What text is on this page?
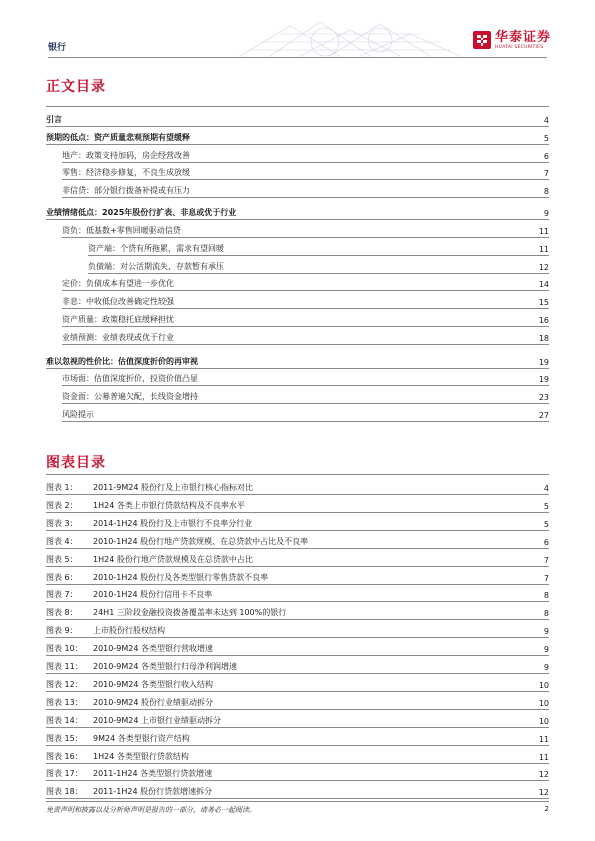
银行
华泰证券
HUATAI SECURITIES
正文目录
引言	4
预期的低点：资产质量悲观预期有望缓释	5
地产：政策支持加码，房企经营改善	6
零售：经济稳步修复，不良生成放缓	7
非信贷：部分银行拨备补提或有压力	8
业绩情绪低点：2025年股份行扩表、非息或优于行业	9
资负：低基数+零售回暖驱动信贷	11
资产端：个贷有所拖累，需求有望回暖	11
负债端：对公活期流失，存款暂有承压	12
定价：负债成本有望进一步优化	14
非息：中收低位改善确定性较强	15
资产质量：政策稳托底缓释担忧	16
业绩预测：业绩表现或优于行业	18
难以忽视的性价比：估值深度折价的再审视	19
市场面：估值深度折价，投资价值凸显	19
资金面：公募普遍欠配，长线资金增持	23
风险提示	27
图表目录
图表 1：	2011-9M24 股份行及上市银行核心指标对比	4
图表 2：	1H24 各类上市银行贷款结构及不良率水平	5
图表 3：	2014-1H24 股份行及上市银行不良率分行业	5
图表 4：	2010-1H24 股份行地产贷款规模、在总贷款中占比及不良率	6
图表 5：	1H24 股份行地产贷款规模及在总贷款中占比	7
图表 6：	2010-1H24 股份行及各类型银行零售贷款不良率	7
图表 7：	2010-1H24 股份行信用卡不良率	8
图表 8：	24H1 三阶段金融投资拨备覆盖率未达到 100%的银行	8
图表 9：	上市股份行股权结构	9
图表 10：	2010-9M24 各类型银行营收增速	9
图表 11：	2010-9M24 各类型银行归母净利润增速	9
图表 12：	2010-9M24 各类型银行收入结构	10
图表 13：	2010-9M24 股份行业绩驱动拆分	10
图表 14：	2010-9M24 上市银行业绩驱动拆分	10
图表 15：	9M24 各类型银行资产结构	11
图表 16：	1H24 各类型银行贷款结构	11
图表 17：	2011-1H24 各类型银行贷款增速	12
图表 18：	2011-1H24 股份行贷款增速拆分	12
免责声明和披露以及分析师声明是报告的一部分，请务必一起阅读。	2
